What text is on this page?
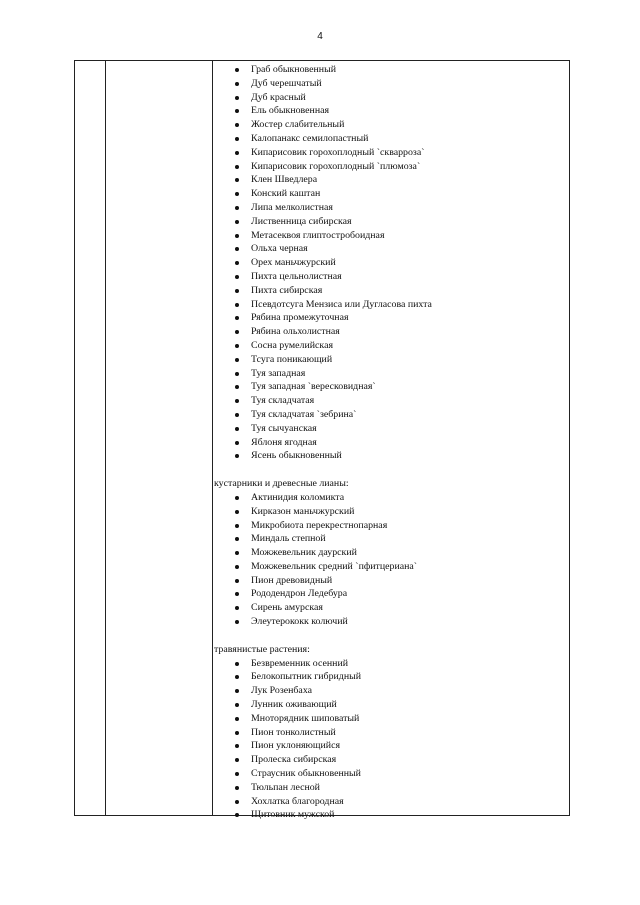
4
Граб обыкновенный
Дуб черешчатый
Дуб красный
Ель обыкновенная
Жостер слабительный
Калопанакс семилопастный
Кипарисовик горохоплодный `скварроза`
Кипарисовик горохоплодный `плюмоза`
Клен Шведлера
Конский каштан
Липа мелколистная
Лиственница сибирская
Метасеквоя глиптостробоидная
Ольха черная
Орех маньчжурский
Пихта цельнолистная
Пихта сибирская
Псевдотсуга Мензиса или Дугласова пихта
Рябина промежуточная
Рябина ольхолистная
Сосна румелийская
Тсуга поникающий
Туя западная
Туя западная `вересковидная`
Туя складчатая
Туя складчатая `зебрина`
Туя сычуанская
Яблоня ягодная
Ясень обыкновенный
кустарники и древесные лианы:
Актинидия коломикта
Кирказон маньчжурский
Микробиота перекрестнопарная
Миндаль степной
Можжевельник даурский
Можжевельник средний `пфитцериана`
Пион древовидный
Рододендрон Ледебура
Сирень амурская
Элеутерококк колючий
травянистые растения:
Безвременник осенний
Белокопытник гибридный
Лук Розенбаха
Лунник оживающий
Мноторядник шиповатый
Пион тонколистный
Пион уклоняющийся
Пролеска сибирская
Страусник обыкновенный
Тюльпан лесной
Хохлатка благородная
Щитовник мужской
